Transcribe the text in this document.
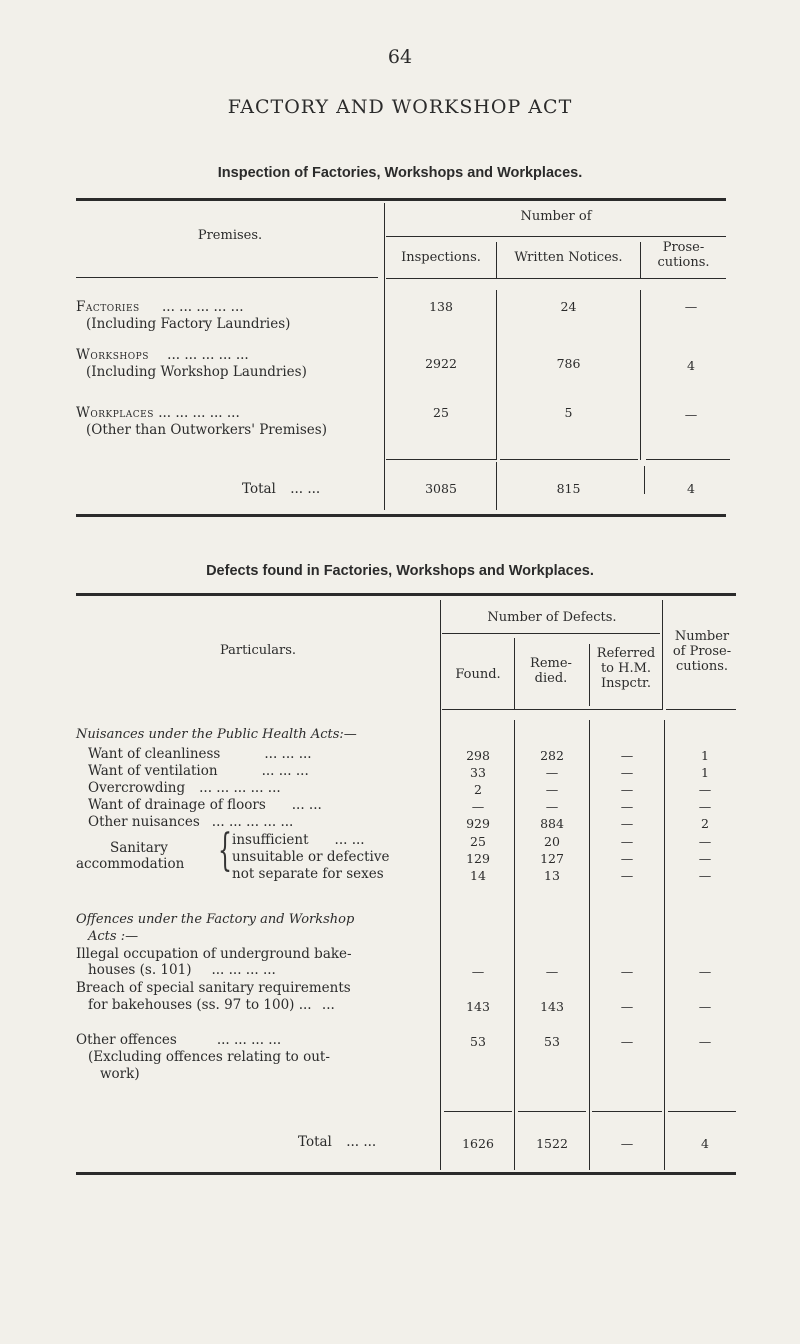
64
FACTORY AND WORKSHOP ACT
Inspection of Factories, Workshops and Workplaces.
Premises.
Number of
Inspections.	Written Notices.
Prose-
cutions.
Factories ... ... ... ... ...
(Including Factory Laundries)
138	24	—
Workshops ... ... ... ... ...
(Including Workshop Laundries)
2922	786	4
Workplaces ... ... ... ... ...
(Other than Outworkers' Premises)
25	5	—
Total ... ...	3085	815	4
Defects found in Factories, Workshops and Workplaces.
Particulars.
Number of Defects.
Found.
Reme-
died.
Referred
to H.M.
Inspctr.
Number
of Prose-
cutions.
Nuisances under the Public Health Acts:—
Want of cleanliness	... ... ...	298	282	—	1
Want of ventilation	... ... ...	33	—	—	1
Overcrowding ... ... ... ... ...	2	—	—	—
Want of drainage of floors ... ...	—	—	—	—
Other nuisances ... ... ... ... ...	929	884	—	2
Sanitary
accommodation { insufficient ... ...	25	20	—	—
unsuitable or defective	129	127	—	—
not separate for sexes	14	13	—	—
Offences under the Factory and Workshop
Acts :—
Illegal occupation of underground bake-
houses (s. 101) ... ... ... ...	—	—	—	—
Breach of special sanitary requirements
for bakehouses (ss. 97 to 100) ... ...	143	143	—	—
Other offences	... ... ... ...
(Excluding offences relating to out-
work)
53	53	—	—
Total ... ...	1626	1522	—	4
